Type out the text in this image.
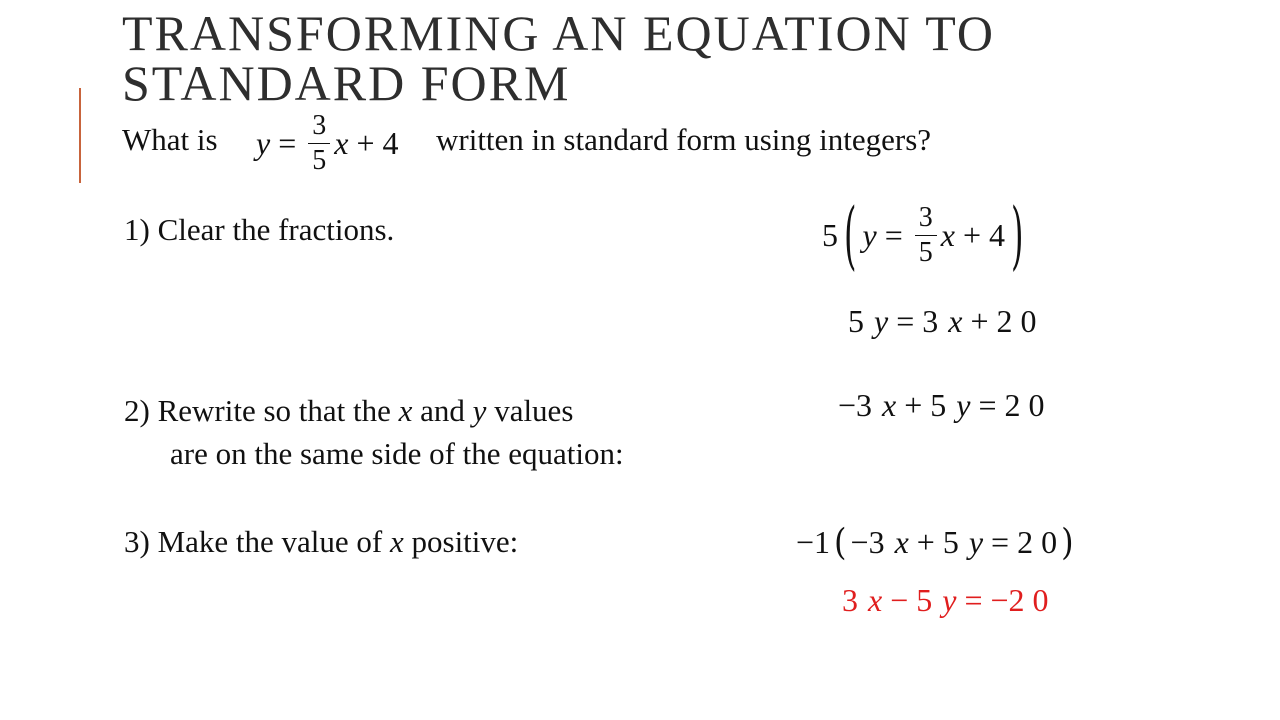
TRANSFORMING AN EQUATION TO
STANDARD FORM
What is $y = \frac{3}{5}$ x + 4 written in standard form using integers?
1) Clear the fractions.	5 ( $y = \frac{3}{5}$ x + 4 )
5 y = 3 x + 2 0
2) Rewrite so that the x and y values
are on the same side of the equation:
−3 x + 5 y = 2 0
3) Make the value of x positive:	−1 ( −3 x + 5 y = 2 0 )
3 x − 5 y = −2 0
